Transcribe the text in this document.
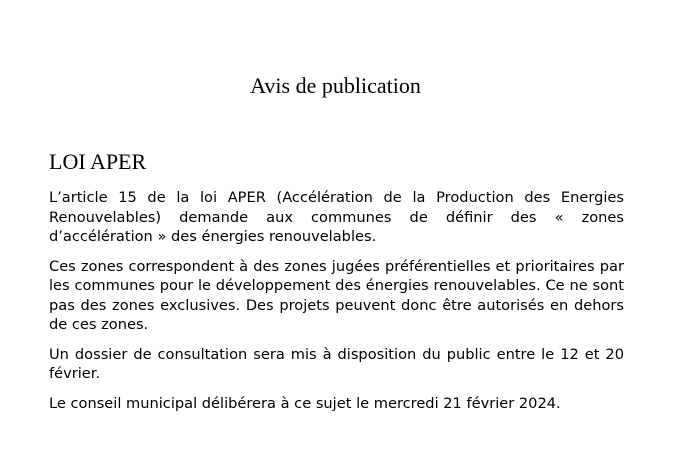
Avis de publication
LOI APER

L’article 15 de la loi APER (Accélération de la Production des Energies Renouvelables) demande aux communes de définir des « zones d’accélération » des énergies renouvelables.

Ces zones correspondent à des zones jugées préférentielles et prioritaires par les communes pour le développement des énergies renouvelables. Ce ne sont pas des zones exclusives. Des projets peuvent donc être autorisés en dehors de ces zones.

Un dossier de consultation sera mis à disposition du public entre le 12 et 20 février.

Le conseil municipal délibérera à ce sujet le mercredi 21 février 2024.
